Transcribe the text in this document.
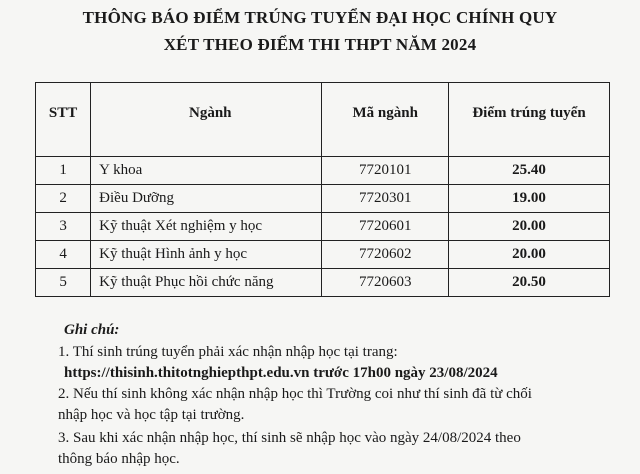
THÔNG BÁO ĐIỂM TRÚNG TUYỂN ĐẠI HỌC CHÍNH QUY
XÉT THEO ĐIỂM THI THPT NĂM 2024
STT	Ngành	Mã ngành	Điểm trúng tuyển
1	Y khoa	7720101	25.40
2	Điều Dưỡng	7720301	19.00
3	Kỹ thuật Xét nghiệm y học	7720601	20.00
4	Kỹ thuật Hình ảnh y học	7720602	20.00
5	Kỹ thuật Phục hồi chức năng	7720603	20.50
Ghi chú:
1. Thí sinh trúng tuyển phải xác nhận nhập học tại trang:
https://thisinh.thitotnghiepthpt.edu.vn trước 17h00 ngày 23/08/2024
2. Nếu thí sinh không xác nhận nhập học thì Trường coi như thí sinh đã từ chối
nhập học và học tập tại trường.
3. Sau khi xác nhận nhập học, thí sinh sẽ nhập học vào ngày 24/08/2024 theo
thông báo nhập học.
